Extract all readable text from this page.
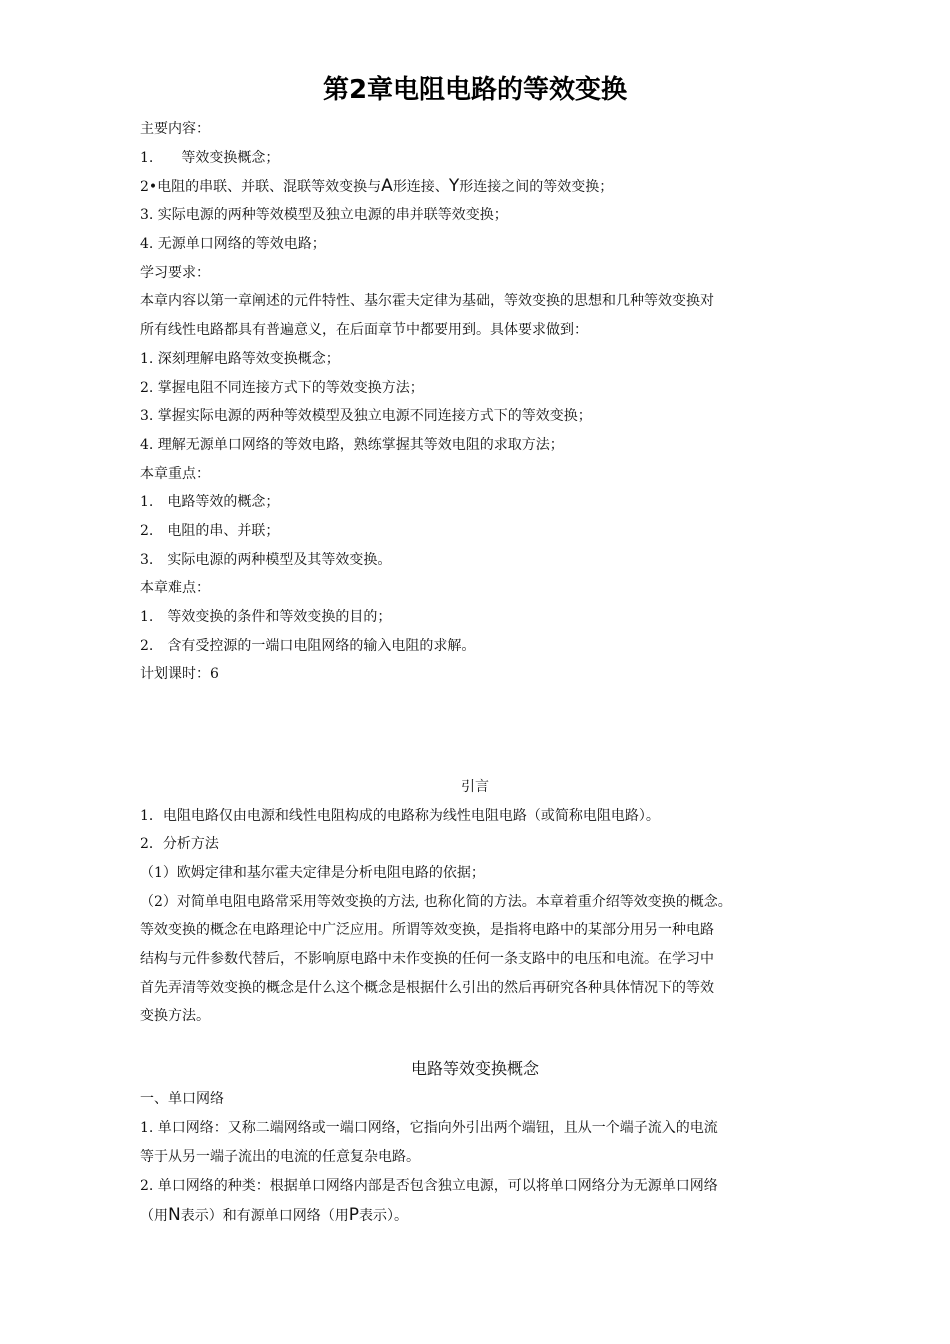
第2章电阻电路的等效变换
主要内容：
1.　　等效变换概念；
2•电阻的串联、并联、混联等效变换与A形连接、Y形连接之间的等效变换；
3. 实际电源的两种等效模型及独立电源的串并联等效变换；
4. 无源单口网络的等效电路；
学习要求：
本章内容以第一章阐述的元件特性、基尔霍夫定律为基础，等效变换的思想和几种等效变换对
所有线性电路都具有普遍意义，在后面章节中都要用到。具体要求做到：
1. 深刻理解电路等效变换概念；
2. 掌握电阻不同连接方式下的等效变换方法；
3. 掌握实际电源的两种等效模型及独立电源不同连接方式下的等效变换；
4. 理解无源单口网络的等效电路，熟练掌握其等效电阻的求取方法；
本章重点：
1.　电路等效的概念；
2.　电阻的串、并联；
3.　实际电源的两种模型及其等效变换。
本章难点：
1.　等效变换的条件和等效变换的目的；
2.　含有受控源的一端口电阻网络的输入电阻的求解。
计划课时：6
引言
1．电阻电路仅由电源和线性电阻构成的电路称为线性电阻电路（或简称电阻电路）。
2．分析方法
（1）欧姆定律和基尔霍夫定律是分析电阻电路的依据；
（2）对简单电阻电路常采用等效变换的方法, 也称化简的方法。本章着重介绍等效变换的概念。
等效变换的概念在电路理论中广泛应用。所谓等效变换，是指将电路中的某部分用另一种电路
结构与元件参数代替后，不影响原电路中未作变换的任何一条支路中的电压和电流。在学习中
首先弄清等效变换的概念是什么这个概念是根据什么引出的然后再研究各种具体情况下的等效
变换方法。
电路等效变换概念
一、单口网络
1. 单口网络：又称二端网络或一端口网络，它指向外引出两个端钮，且从一个端子流入的电流
等于从另一端子流出的电流的任意复杂电路。
2. 单口网络的种类：根据单口网络内部是否包含独立电源，可以将单口网络分为无源单口网络
（用N表示）和有源单口网络（用P表示）。
